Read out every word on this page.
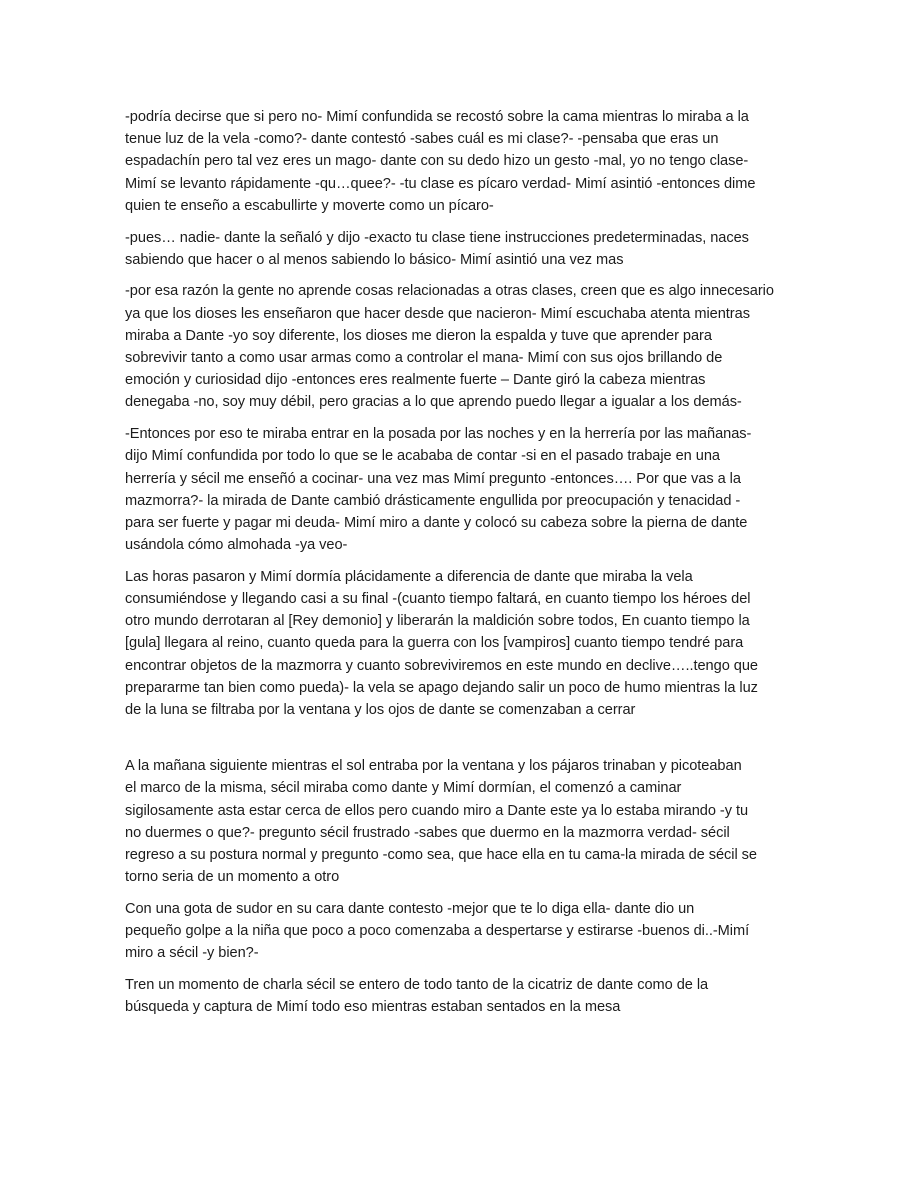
-podría decirse que si pero no- Mimí confundida se recostó sobre la cama mientras lo miraba a la
tenue luz de la vela -como?- dante contestó -sabes cuál es mi clase?- -pensaba que eras un
espadachín pero tal vez eres un mago- dante con su dedo hizo un gesto -mal, yo no tengo clase-
Mimí se levanto rápidamente -qu…quee?- -tu clase es pícaro verdad- Mimí asintió -entonces dime
quien te enseño a escabullirte y moverte como un pícaro-

-pues… nadie- dante la señaló y dijo -exacto tu clase tiene instrucciones predeterminadas, naces
sabiendo que hacer o al menos sabiendo lo básico- Mimí asintió una vez mas

-por esa razón la gente no aprende cosas relacionadas a otras clases, creen que es algo innecesario
ya que los dioses les enseñaron que hacer desde que nacieron- Mimí escuchaba atenta mientras
miraba a Dante -yo soy diferente, los dioses me dieron la espalda y tuve que aprender para
sobrevivir tanto a como usar armas como a controlar el mana- Mimí con sus ojos brillando de
emoción y curiosidad dijo -entonces eres realmente fuerte – Dante giró la cabeza mientras
denegaba -no, soy muy débil, pero gracias a lo que aprendo puedo llegar a igualar a los demás-

-Entonces por eso te miraba entrar en la posada por las noches y en la herrería por las mañanas-
dijo Mimí confundida por todo lo que se le acababa de contar -si en el pasado trabaje en una
herrería y sécil me enseñó a cocinar- una vez mas Mimí pregunto -entonces…. Por que vas a la
mazmorra?- la mirada de Dante cambió drásticamente engullida por preocupación y tenacidad -
para ser fuerte y pagar mi deuda- Mimí miro a dante y colocó su cabeza sobre la pierna de dante
usándola cómo almohada -ya veo-

Las horas pasaron y Mimí dormía plácidamente a diferencia de dante que miraba la vela
consumiéndose y llegando casi a su final -(cuanto tiempo faltará, en cuanto tiempo los héroes del
otro mundo derrotaran al [Rey demonio] y liberarán la maldición sobre todos, En cuanto tiempo la
[gula] llegara al reino, cuanto queda para la guerra con los [vampiros] cuanto tiempo tendré para
encontrar objetos de la mazmorra y cuanto sobreviviremos en este mundo en declive…..tengo que
prepararme tan bien como pueda)- la vela se apago dejando salir un poco de humo mientras la luz
de la luna se filtraba por la ventana y los ojos de dante se comenzaban a cerrar

A la mañana siguiente mientras el sol entraba por la ventana y los pájaros trinaban y picoteaban
el marco de la misma, sécil miraba como dante y Mimí dormían, el comenzó a caminar
sigilosamente asta estar cerca de ellos pero cuando miro a Dante este ya lo estaba mirando -y tu
no duermes o que?- pregunto sécil frustrado -sabes que duermo en la mazmorra verdad- sécil
regreso a su postura normal y pregunto -como sea, que hace ella en tu cama-la mirada de sécil se
torno seria de un momento a otro

Con una gota de sudor en su cara dante contesto -mejor que te lo diga ella- dante dio un
pequeño golpe a la niña que poco a poco comenzaba a despertarse y estirarse -buenos di..-Mimí
miro a sécil -y bien?-

Tren un momento de charla sécil se entero de todo tanto de la cicatriz de dante como de la
búsqueda y captura de Mimí todo eso mientras estaban sentados en la mesa
